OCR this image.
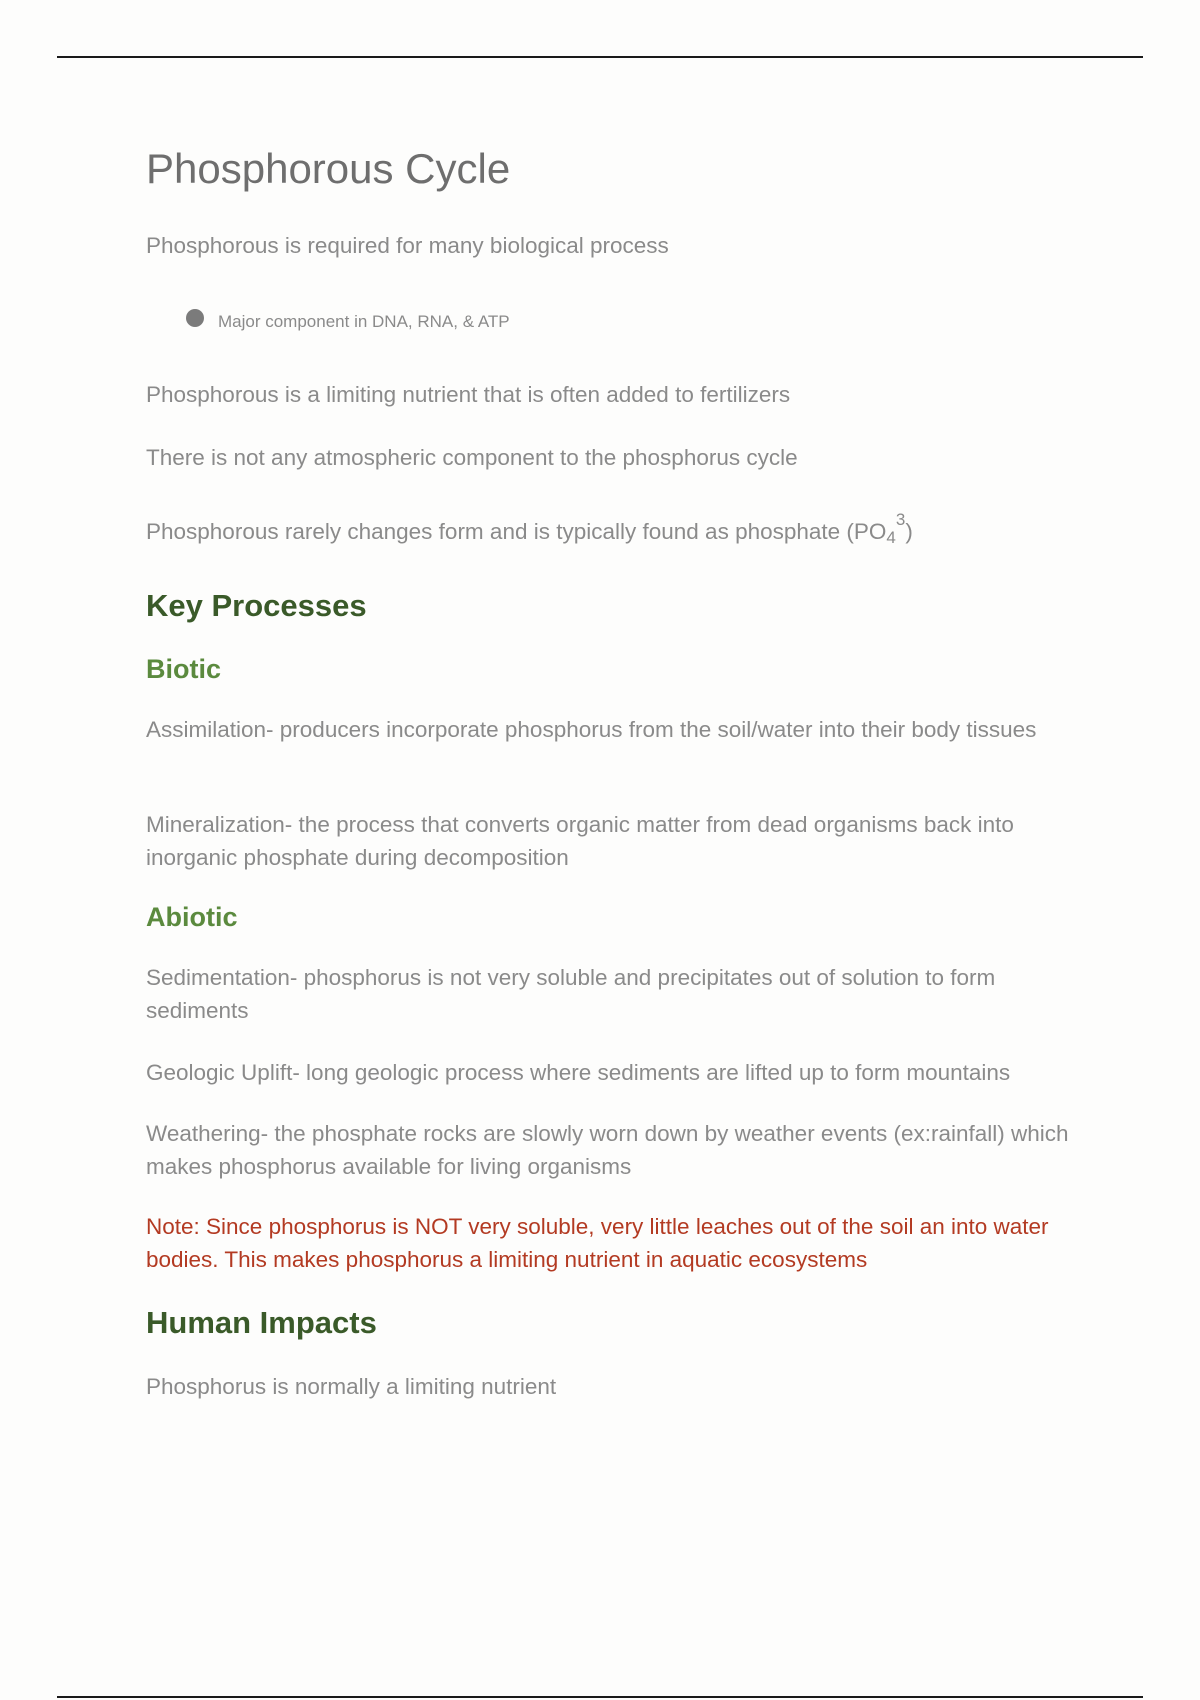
Phosphorous Cycle

Phosphorous is required for many biological process

Major component in DNA, RNA, & ATP

Phosphorous is a limiting nutrient that is often added to fertilizers

There is not any atmospheric component to the phosphorus cycle

Phosphorous rarely changes form and is typically found as phosphate $(PO_4^3)$

Key Processes
Biotic

Assimilation- producers incorporate phosphorus from the soil/water into their body tissues

Mineralization- the process that converts organic matter from dead organisms back into inorganic phosphate during decomposition

Abiotic

Sedimentation- phosphorus is not very soluble and precipitates out of solution to form sediments

Geologic Uplift- long geologic process where sediments are lifted up to form mountains

Weathering- the phosphate rocks are slowly worn down by weather events (ex:rainfall) which makes phosphorus available for living organisms

Note: Since phosphorus is NOT very soluble, very little leaches out of the soil an into water bodies. This makes phosphorus a limiting nutrient in aquatic ecosystems

Human Impacts

Phosphorus is normally a limiting nutrient
